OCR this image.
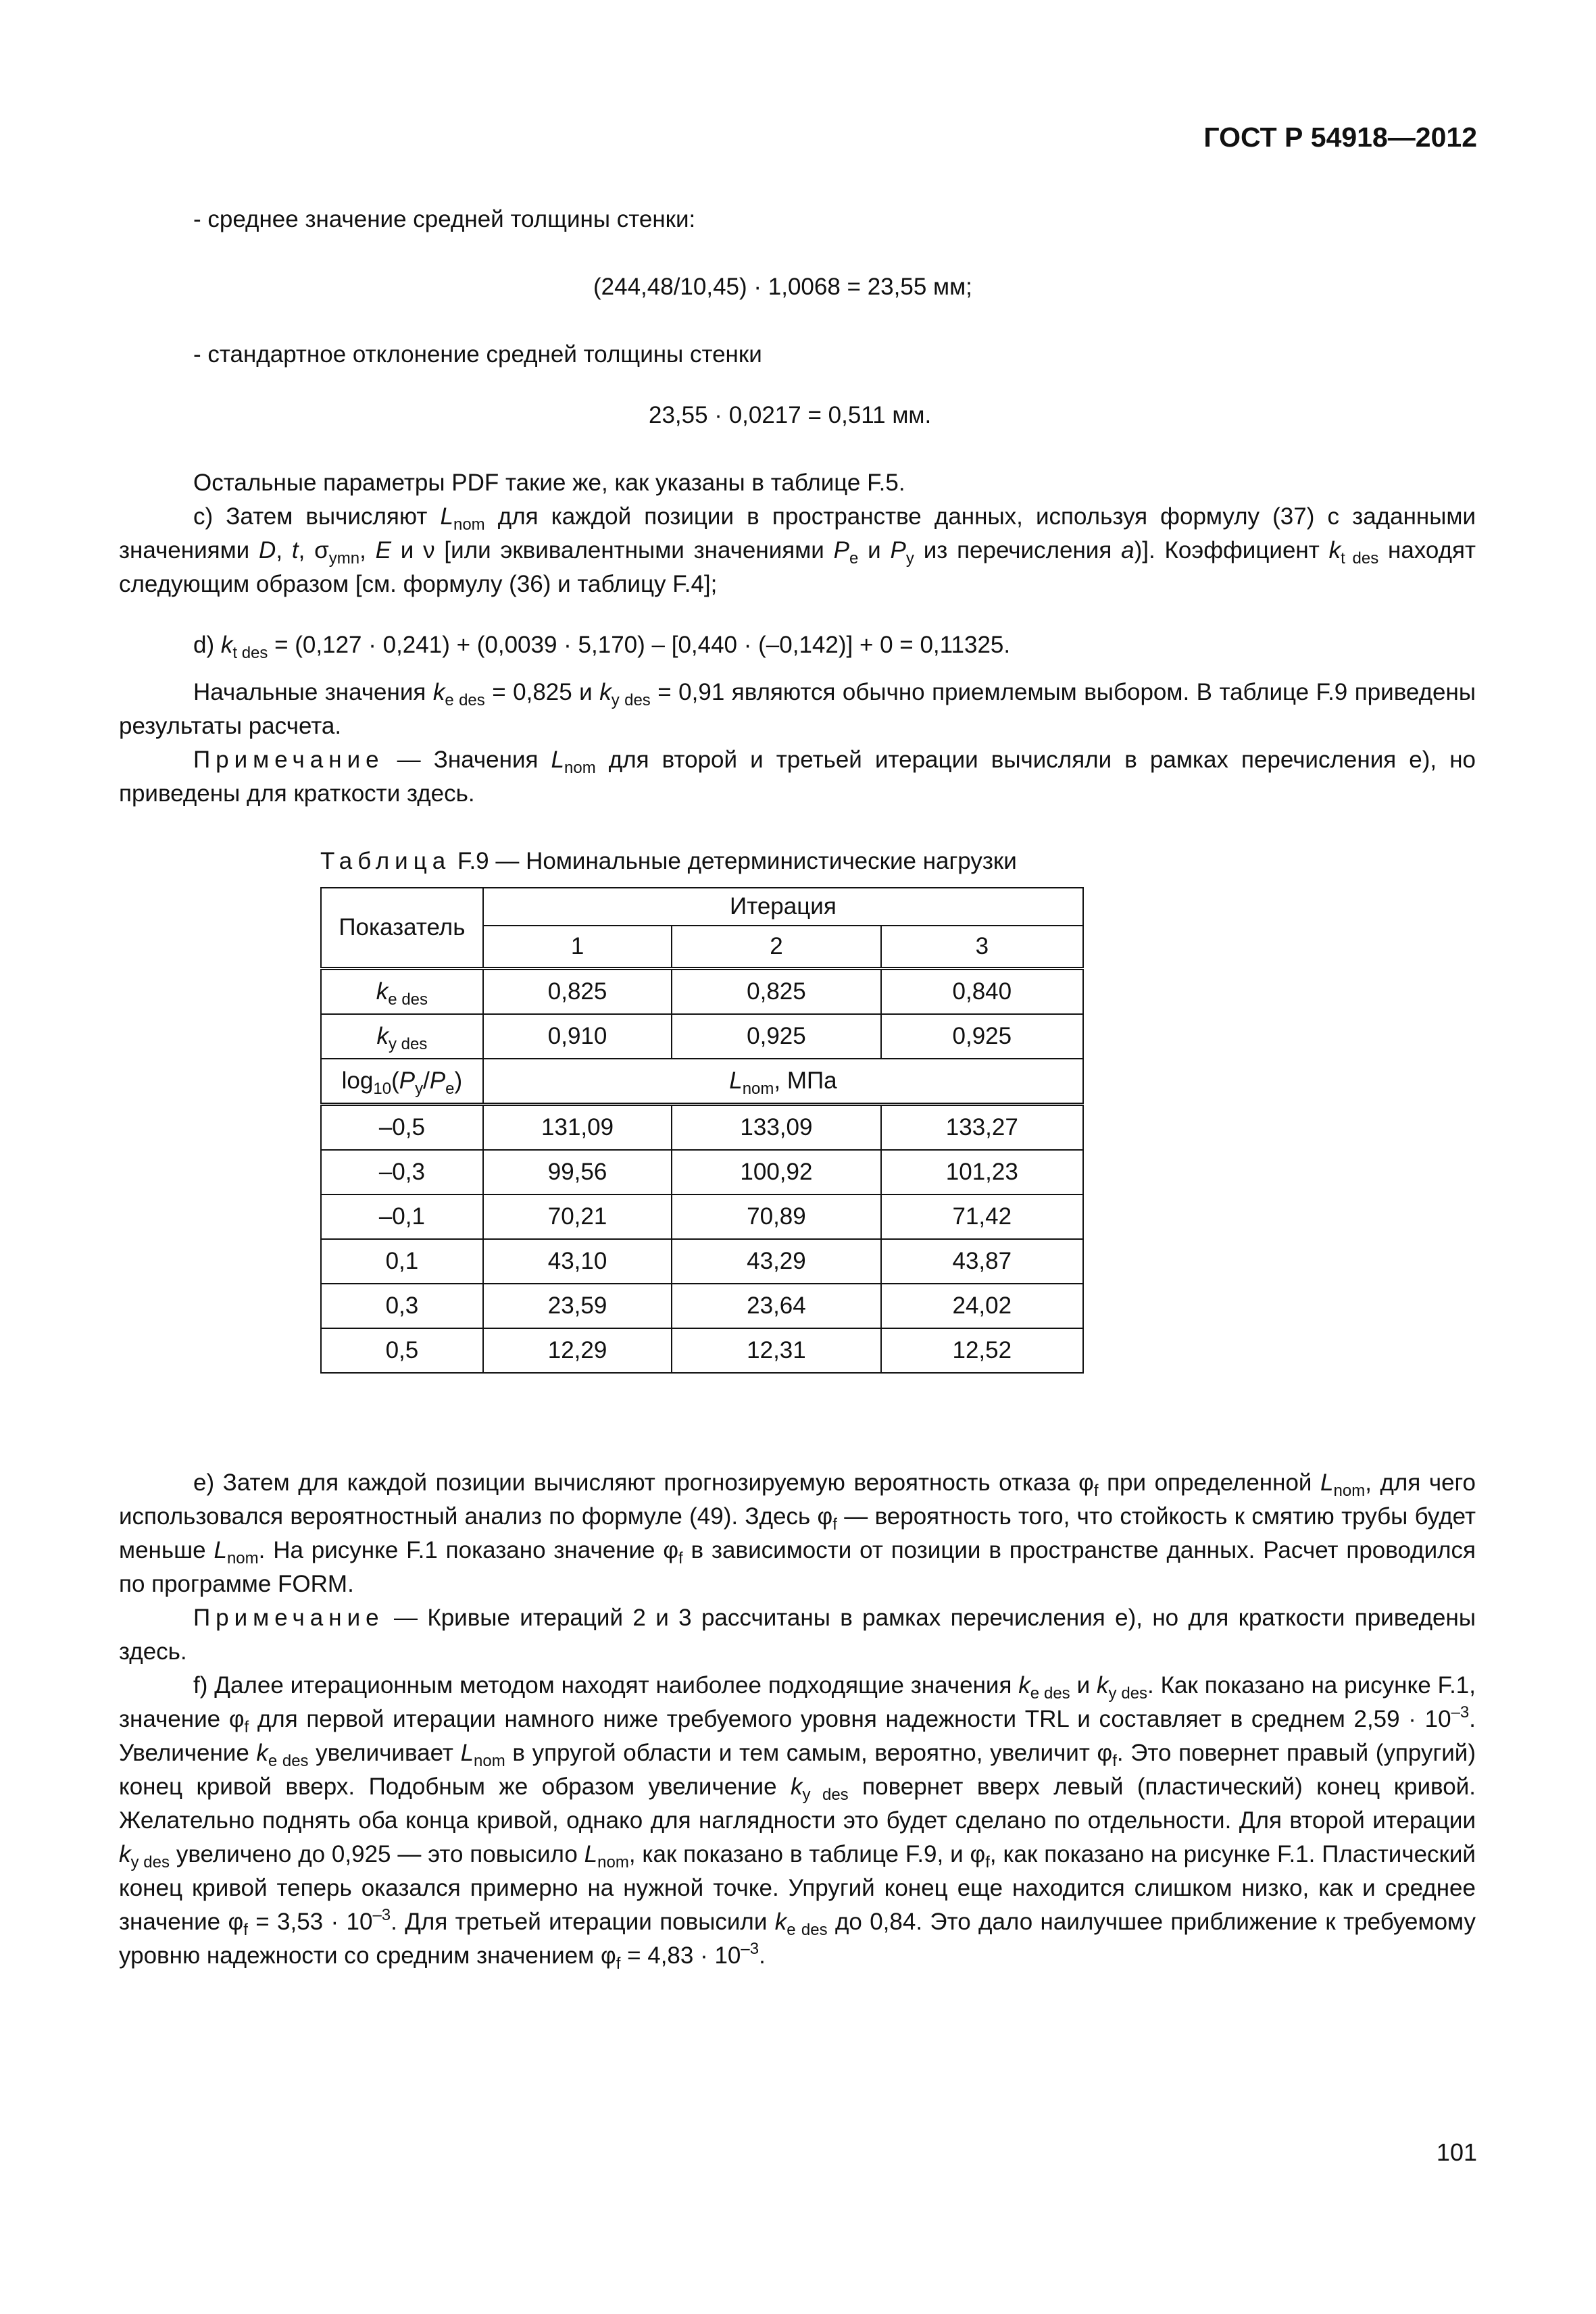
ГОСТ Р 54918—2012
- среднее значение средней толщины стенки:
(244,48/10,45) · 1,0068 = 23,55 мм;
- стандартное отклонение средней толщины стенки
23,55 · 0,0217 = 0,511 мм.
Остальные параметры PDF такие же, как указаны в таблице F.5.
c) Затем вычисляют $L_{nom}$ для каждой позиции в пространстве данных, используя формулу (37) с заданными значениями D, t, $\sigma_{ymn}$, E и ν [или эквивалентными значениями $P_e$ и $P_y$ из перечисления а)]. Коэффициент $k_{t des}$ находят следующим образом [см. формулу (36) и таблицу F.4];
d) $k_{t des} = (0,127 \cdot 0,241) + (0,0039 \cdot 5,170) - [0,440 \cdot (-0,142)] + 0 = 0,11325$.
Начальные значения $k_{e des} = 0,825$ и $k_{y des} = 0,91$ являются обычно приемлемым выбором. В таблице F.9 приведены результаты расчета.
Примечание — Значения $L_{nom}$ для второй и третьей итерации вычисляли в рамках перечисления е), но приведены для краткости здесь.
Таблица F.9 — Номинальные детерминистические нагрузки
Показатель	Итерация		
	1	2	3
$k_{e des}$	0,825	0,825	0,840
$k_{y des}$	0,910	0,925	0,925
$\log_{10}(P_y/P_e)$	$L_{nom}$, МПа		
–0,5	131,09	133,09	133,27
–0,3	99,56	100,92	101,23
–0,1	70,21	70,89	71,42
0,1	43,10	43,29	43,87
0,3	23,59	23,64	24,02
0,5	12,29	12,31	12,52
e) Затем для каждой позиции вычисляют прогнозируемую вероятность отказа $\varphi_f$ при определенной $L_{nom}$, для чего использовался вероятностный анализ по формуле (49). Здесь $\varphi_f$ — вероятность того, что стойкость к смятию трубы будет меньше $L_{nom}$. На рисунке F.1 показано значение $\varphi_f$ в зависимости от позиции в пространстве данных. Расчет проводился по программе FORM.
Примечание — Кривые итераций 2 и 3 рассчитаны в рамках перечисления е), но для краткости приведены здесь.
f) Далее итерационным методом находят наиболее подходящие значения $k_{e des}$ и $k_{y des}$. Как показано на рисунке F.1, значение $\varphi_f$ для первой итерации намного ниже требуемого уровня надежности TRL и составляет в среднем $2,59 \cdot 10^{-3}$. Увеличение $k_{e des}$ увеличивает $L_{nom}$ в упругой области и тем самым, вероятно, увеличит $\varphi_f$. Это повернет правый (упругий) конец кривой вверх. Подобным же образом увеличение $k_{y des}$ повернет вверх левый (пластический) конец кривой. Желательно поднять оба конца кривой, однако для наглядности это будет сделано по отдельности. Для второй итерации $k_{y des}$ увеличено до 0,925 — это повысило $L_{nom}$, как показано в таблице F.9, и $\varphi_f$, как показано на рисунке F.1. Пластический конец кривой теперь оказался примерно на нужной точке. Упругий конец еще находится слишком низко, как и среднее значение $\varphi_f = 3,53 \cdot 10^{-3}$. Для третьей итерации повысили $k_{e des}$ до 0,84. Это дало наилучшее приближение к требуемому уровню надежности со средним значением $\varphi_f = 4,83 \cdot 10^{-3}$.
101
